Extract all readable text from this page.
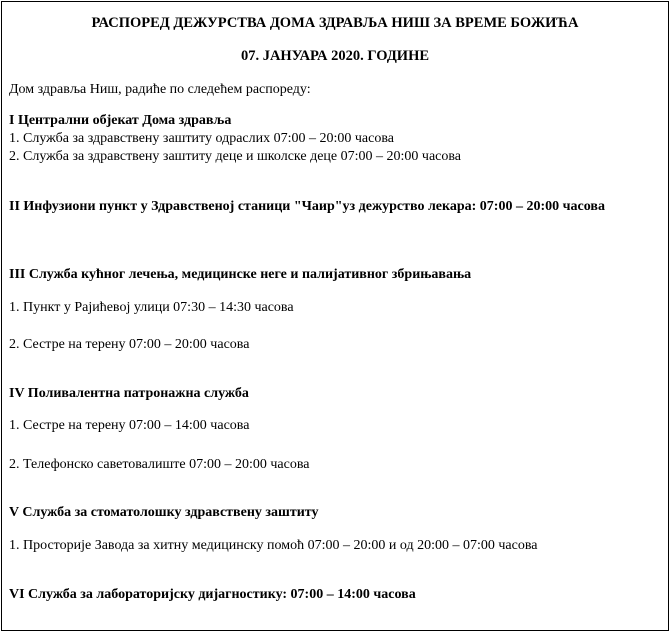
РАСПОРЕД ДЕЖУРСТВА ДОМА ЗДРАВЉА НИШ ЗА ВРЕМЕ БОЖИЋА
07. ЈАНУАРА 2020. ГОДИНЕ
Дом здравља Ниш, радиће по следећем распореду:
I Централни објекат Дома здравља
1. Служба за здравствену заштиту одраслих 07:00 – 20:00 часова
2. Служба за здравствену заштиту деце и школске деце 07:00 – 20:00 часова
II Инфузиони пункт у Здравственој станици "Чаир"уз дежурство лекара: 07:00 – 20:00 часова
III Служба кућног лечења, медицинске неге и палијативног збрињавања
1. Пункт у Рајићевој улици 07:30 – 14:30 часова
2. Сестре на терену 07:00 – 20:00 часова
IV Поливалентна патронажна служба
1. Сестре на терену 07:00 – 14:00 часова
2. Телефонско саветовалиште 07:00 – 20:00 часова
V Служба за стоматолошку здравствену заштиту
1. Просторије Завода за хитну медицинску помоћ 07:00 – 20:00 и од 20:00 – 07:00 часова
VI Служба за лабораторијску дијагностику: 07:00 – 14:00 часова
